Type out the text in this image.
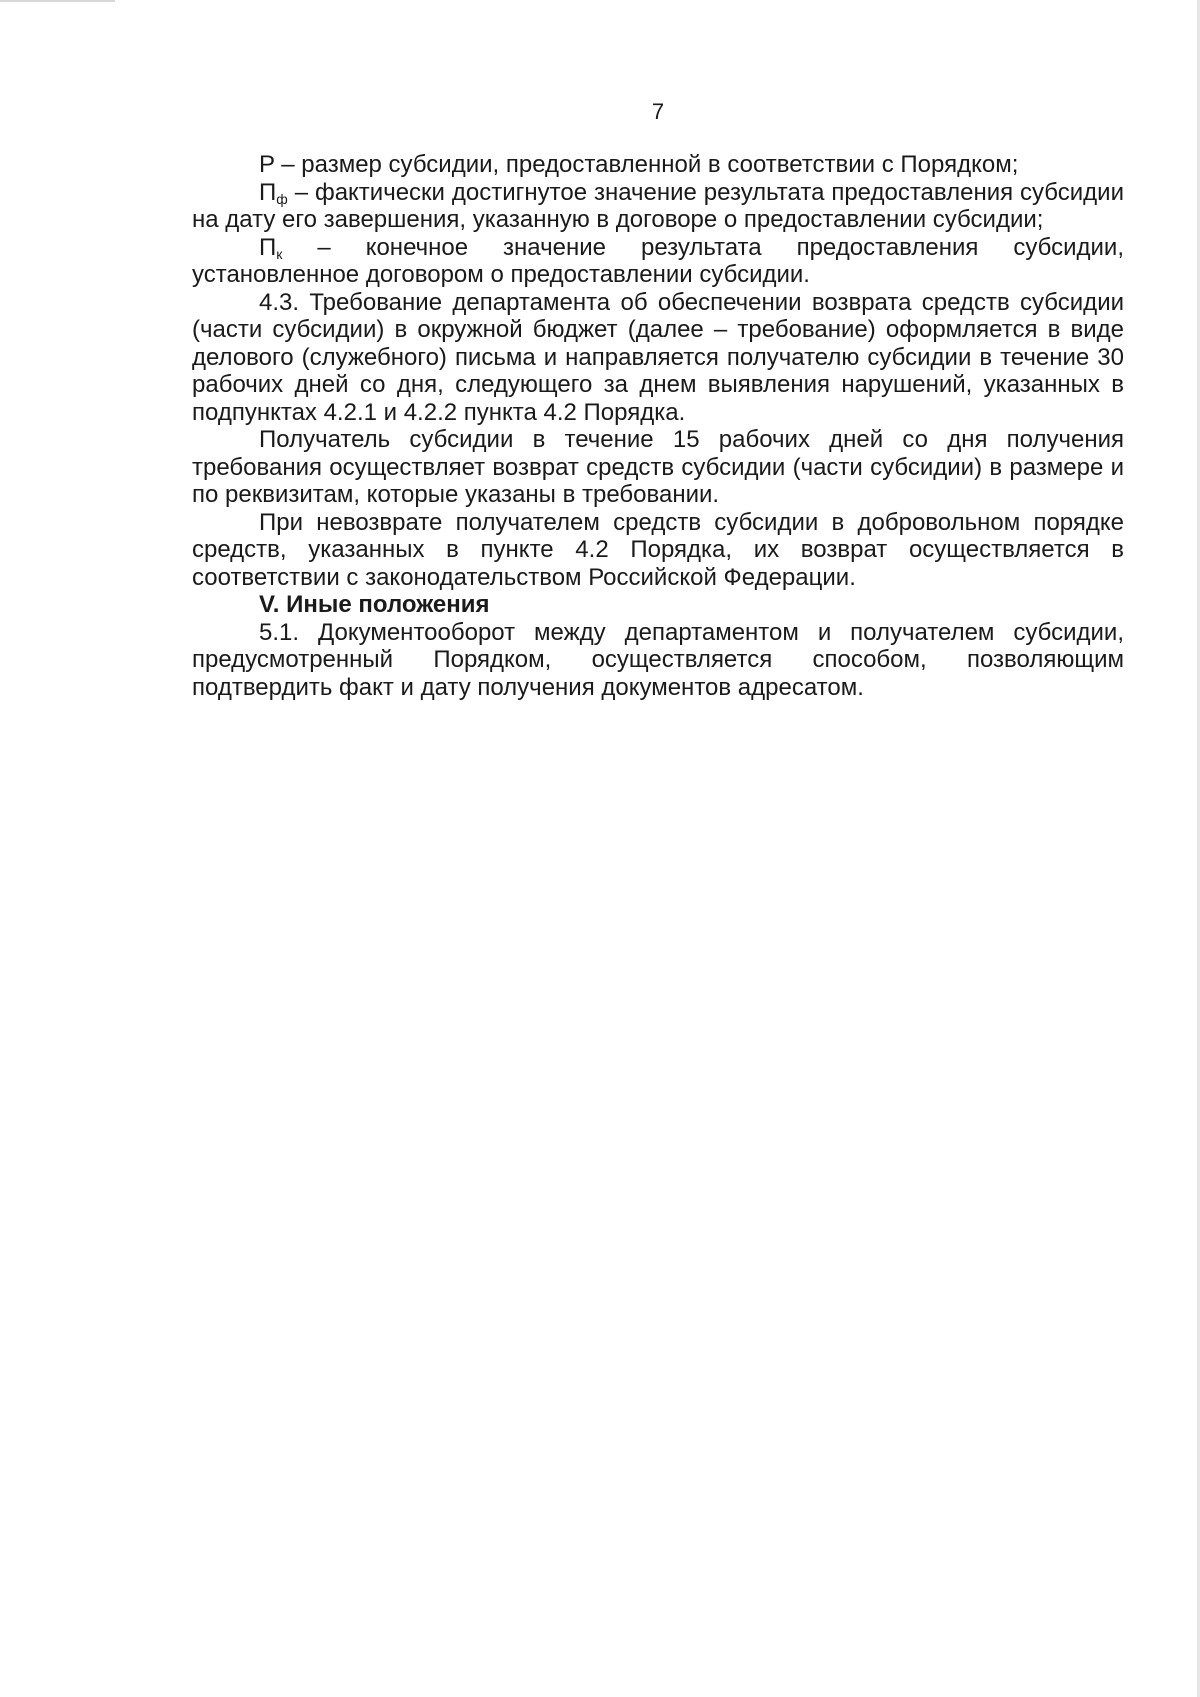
7

P – размер субсидии, предоставленной в соответствии с Порядком;

$П_ф$ – фактически достигнутое значение результата предоставления субсидии на дату его завершения, указанную в договоре о предоставлении субсидии;

$П_к$ – конечное значение результата предоставления субсидии, установленное договором о предоставлении субсидии.

4.3. Требование департамента об обеспечении возврата средств субсидии (части субсидии) в окружной бюджет (далее – требование) оформляется в виде делового (служебного) письма и направляется получателю субсидии в течение 30 рабочих дней со дня, следующего за днем выявления нарушений, указанных в подпунктах 4.2.1 и 4.2.2 пункта 4.2 Порядка.

Получатель субсидии в течение 15 рабочих дней со дня получения требования осуществляет возврат средств субсидии (части субсидии) в размере и по реквизитам, которые указаны в требовании.

При невозврате получателем средств субсидии в добровольном порядке средств, указанных в пункте 4.2 Порядка, их возврат осуществляется в соответствии с законодательством Российской Федерации.

V. Иные положения

5.1. Документооборот между департаментом и получателем субсидии, предусмотренный Порядком, осуществляется способом, позволяющим подтвердить факт и дату получения документов адресатом.
